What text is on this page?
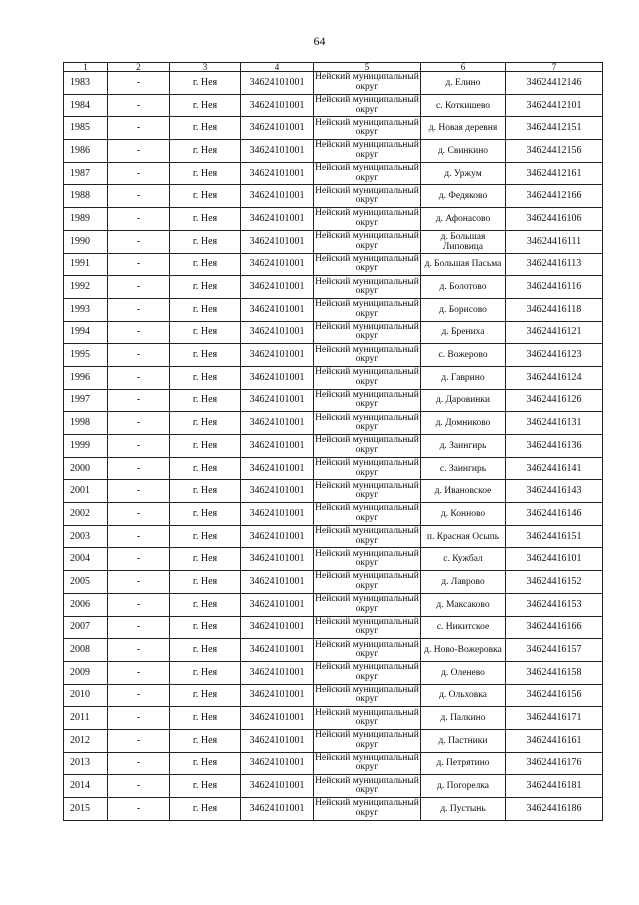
64
1	2	3	4	5	6	7
1983	-	г. Нея	34624101001	Нейский муниципальный округ	д. Елино	34624412146
1984	-	г. Нея	34624101001	Нейский муниципальный округ	с. Коткишево	34624412101
1985	-	г. Нея	34624101001	Нейский муниципальный округ	д. Новая деревня	34624412151
1986	-	г. Нея	34624101001	Нейский муниципальный округ	д. Свинкино	34624412156
1987	-	г. Нея	34624101001	Нейский муниципальный округ	д. Уржум	34624412161
1988	-	г. Нея	34624101001	Нейский муниципальный округ	д. Федяково	34624412166
1989	-	г. Нея	34624101001	Нейский муниципальный округ	д. Афонасово	34624416106
1990	-	г. Нея	34624101001	Нейский муниципальный округ	д. Большая Липовица	34624416111
1991	-	г. Нея	34624101001	Нейский муниципальный округ	д. Большая Пасьма	34624416113
1992	-	г. Нея	34624101001	Нейский муниципальный округ	д. Болотово	34624416116
1993	-	г. Нея	34624101001	Нейский муниципальный округ	д. Борисово	34624416118
1994	-	г. Нея	34624101001	Нейский муниципальный округ	д. Брениха	34624416121
1995	-	г. Нея	34624101001	Нейский муниципальный округ	с. Вожерово	34624416123
1996	-	г. Нея	34624101001	Нейский муниципальный округ	д. Гаврино	34624416124
1997	-	г. Нея	34624101001	Нейский муниципальный округ	д. Даровинки	34624416126
1998	-	г. Нея	34624101001	Нейский муниципальный округ	д. Домниково	34624416131
1999	-	г. Нея	34624101001	Нейский муниципальный округ	д. Заингирь	34624416136
2000	-	г. Нея	34624101001	Нейский муниципальный округ	с. Заингирь	34624416141
2001	-	г. Нея	34624101001	Нейский муниципальный округ	д. Ивановское	34624416143
2002	-	г. Нея	34624101001	Нейский муниципальный округ	д. Конново	34624416146
2003	-	г. Нея	34624101001	Нейский муниципальный округ	п. Красная Осыпь	34624416151
2004	-	г. Нея	34624101001	Нейский муниципальный округ	с. Кужбал	34624416101
2005	-	г. Нея	34624101001	Нейский муниципальный округ	д. Лаврово	34624416152
2006	-	г. Нея	34624101001	Нейский муниципальный округ	д. Максаково	34624416153
2007	-	г. Нея	34624101001	Нейский муниципальный округ	с. Никитское	34624416166
2008	-	г. Нея	34624101001	Нейский муниципальный округ	д. Ново-Вожеровка	34624416157
2009	-	г. Нея	34624101001	Нейский муниципальный округ	д. Оленево	34624416158
2010	-	г. Нея	34624101001	Нейский муниципальный округ	д. Ольховка	34624416156
2011	-	г. Нея	34624101001	Нейский муниципальный округ	д. Палкино	34624416171
2012	-	г. Нея	34624101001	Нейский муниципальный округ	д. Пастники	34624416161
2013	-	г. Нея	34624101001	Нейский муниципальный округ	д. Петрятино	34624416176
2014	-	г. Нея	34624101001	Нейский муниципальный округ	д. Погорелка	34624416181
2015	-	г. Нея	34624101001	Нейский муниципальный округ	д. Пустынь	34624416186
